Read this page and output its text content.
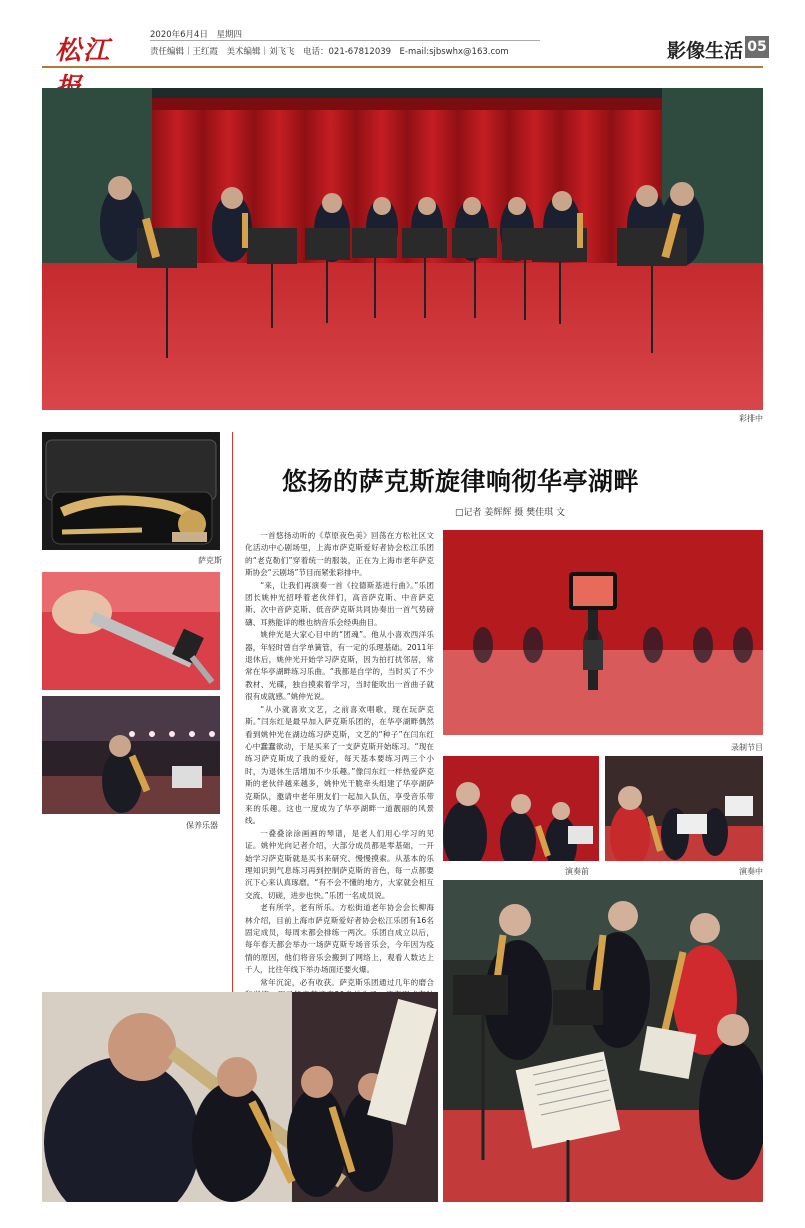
松江
2020年6月4日　星期四
责任编辑｜王红霞　美术编辑｜刘飞飞　电话：021-67812039　E-mail:sjbswhx@163.com	影像生活 05
彩排中
萨克斯
保养乐器
悠扬的萨克斯旋律响彻华亭湖畔
□记者 姜辉辉 摄 樊佳琪 文

一首悠扬动听的《草原夜色美》回荡在方松社区文化活动中心剧场里，上海市萨克斯爱好者协会松江乐团的“老克勒们”穿着统一的服装，正在为上海市老年萨克斯协会“云剧场”节目而紧张彩排中。

“来，让我们再演奏一首《拉德斯基进行曲》。”乐团团长姚仲光招呼着老伙伴们，高音萨克斯、中音萨克斯、次中音萨克斯、低音萨克斯共同协奏出一首气势磅礴、耳熟能详的维也纳音乐会经典曲目。

姚仲光是大家心目中的“团魂”。他从小喜欢西洋乐器，年轻时曾自学单簧管，有一定的乐理基础。2011年退休后，姚仲光开始学习萨克斯，因为拍打扰邻居，常常在华亭湖畔练习乐曲。“我都是自学的，当时买了不少教材、光碟，独自摸索着学习，当时能吹出一首曲子就很有成就感。”姚仲光说。

“从小就喜欢文艺，之前喜欢唱歌，现在玩萨克斯。”闫东红是最早加入萨克斯乐团的，在华亭湖畔偶然看到姚仲光在湖边练习萨克斯，文艺的“种子”在闫东红心中蠢蠢欲动，于是买来了一支萨克斯开始练习。“现在练习萨克斯成了我的爱好，每天基本要练习两三个小时，为退休生活增加不少乐趣。”像闫东红一样热爱萨克斯的老伙伴越来越多，姚仲光干脆牵头组建了华亭湖萨克斯队，邀请中老年朋友们一起加入队伍，享受音乐带来的乐趣。这也一度成为了华亭湖畔一道靓丽的风景线。

一叠叠涂涂画画的琴谱，是老人们用心学习的见证。姚仲光向记者介绍，大部分成员都是零基础，一开始学习萨克斯就是买书来研究、慢慢摸索。从基本的乐理知识到气息练习再到控制萨克斯的音色，每一点都要沉下心来认真琢磨。“有不会不懂的地方，大家就会相互交流、切磋，进步也快。”乐团一名成员说。

老有所学，老有所乐。方松街道老年协会会长柳海林介绍，目前上海市萨克斯爱好者协会松江乐团有16名固定成员，每周末都会排练一两次。乐团自成立以后，每年春天都会举办一场萨克斯专场音乐会，今年因为疫情的原因，他们将音乐会搬到了网络上，观看人数达上千人，比往年线下举办场面还要火爆。

常年沉淀，必有收获。萨克斯乐团通过几年的磨合

录制节目
演奏前	演奏中
